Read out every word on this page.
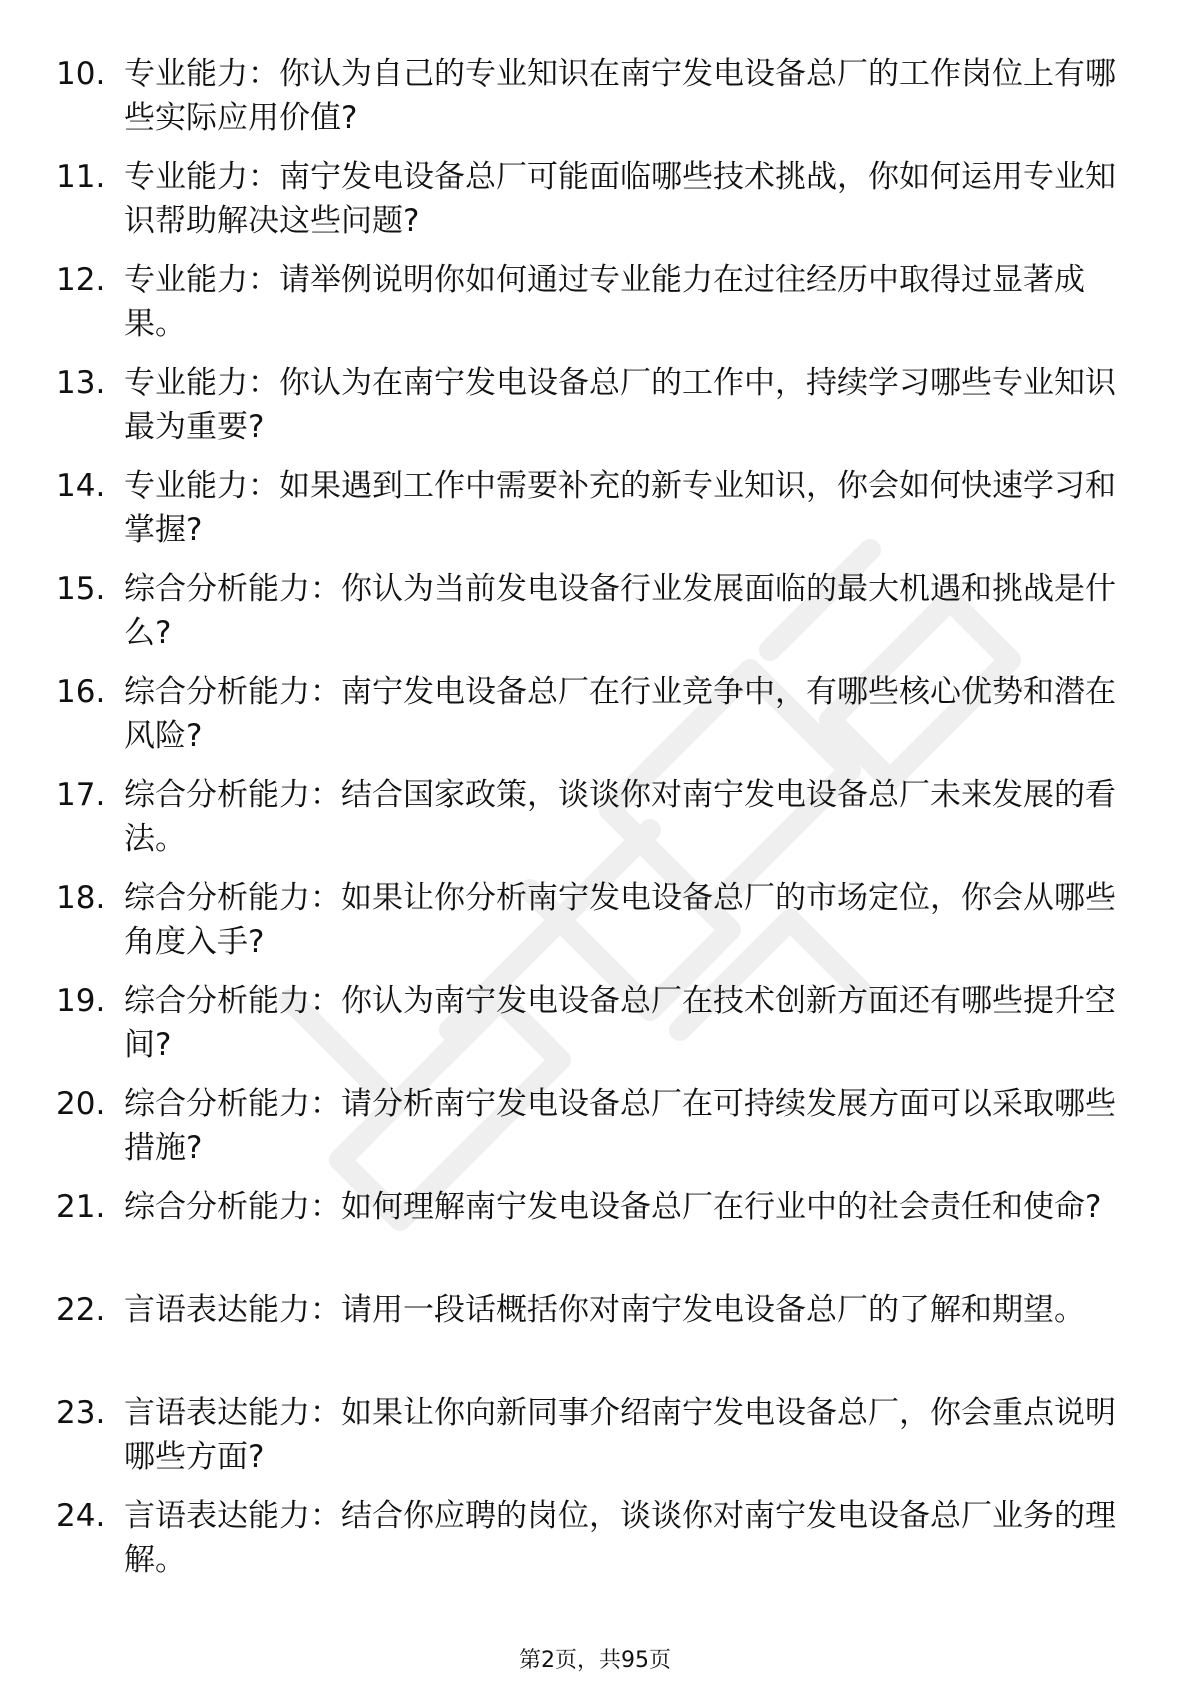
10. 专业能力：你认为自己的专业知识在南宁发电设备总厂的工作岗位上有哪些实际应用价值?
11. 专业能力：南宁发电设备总厂可能面临哪些技术挑战，你如何运用专业知识帮助解决这些问题?
12. 专业能力：请举例说明你如何通过专业能力在过往经历中取得过显著成果。
13. 专业能力：你认为在南宁发电设备总厂的工作中，持续学习哪些专业知识最为重要?
14. 专业能力：如果遇到工作中需要补充的新专业知识，你会如何快速学习和掌握?
15. 综合分析能力：你认为当前发电设备行业发展面临的最大机遇和挑战是什么?
16. 综合分析能力：南宁发电设备总厂在行业竞争中，有哪些核心优势和潜在风险?
17. 综合分析能力：结合国家政策，谈谈你对南宁发电设备总厂未来发展的看法。
18. 综合分析能力：如果让你分析南宁发电设备总厂的市场定位，你会从哪些角度入手?
19. 综合分析能力：你认为南宁发电设备总厂在技术创新方面还有哪些提升空间?
20. 综合分析能力：请分析南宁发电设备总厂在可持续发展方面可以采取哪些措施?
21. 综合分析能力：如何理解南宁发电设备总厂在行业中的社会责任和使命?
22. 言语表达能力：请用一段话概括你对南宁发电设备总厂的了解和期望。
23. 言语表达能力：如果让你向新同事介绍南宁发电设备总厂，你会重点说明哪些方面?
24. 言语表达能力：结合你应聘的岗位，谈谈你对南宁发电设备总厂业务的理解。
第2页，共95页
